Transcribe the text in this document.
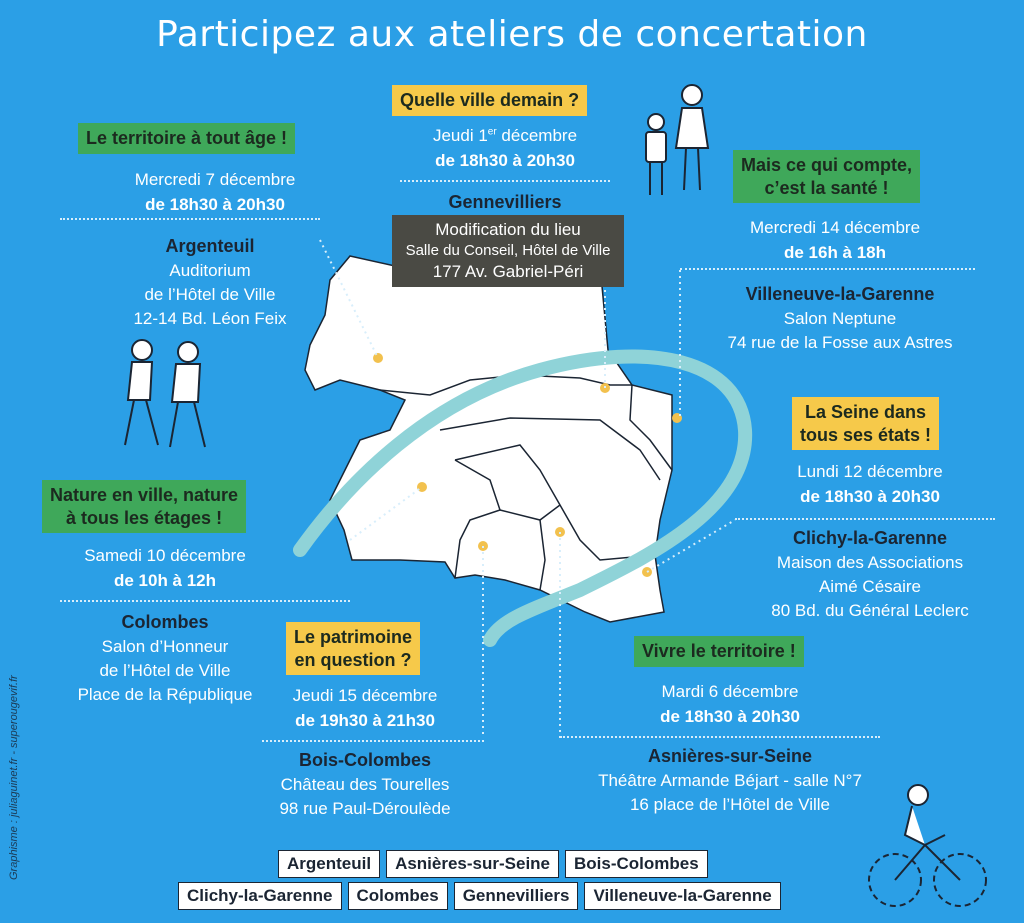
Participez aux ateliers de concertation
Le territoire à tout âge !
Mercredi 7 décembre
de 18h30 à 20h30
Argenteuil
Auditorium
de l’Hôtel de Ville
12-14 Bd. Léon Feix
Quelle ville demain ?
Jeudi 1er décembre
de 18h30 à 20h30
Gennevilliers
Modification du lieu
Salle du Conseil, Hôtel de Ville
177 Av. Gabriel-Péri
Mais ce qui compte,
c’est la santé !
Mercredi 14 décembre
de 16h à 18h
Villeneuve-la-Garenne
Salon Neptune
74 rue de la Fosse aux Astres
La Seine dans
tous ses états !
Lundi 12 décembre
de 18h30 à 20h30
Clichy-la-Garenne
Maison des Associations
Aimé Césaire
80 Bd. du Général Leclerc
Nature en ville, nature
à tous les étages !
Samedi 10 décembre
de 10h à 12h
Colombes
Salon d’Honneur
de l’Hôtel de Ville
Place de la République
Le patrimoine
en question ?
Jeudi 15 décembre
de 19h30 à 21h30
Bois-Colombes
Château des Tourelles
98 rue Paul-Déroulède
Vivre le territoire !
Mardi 6 décembre
de 18h30 à 20h30
Asnières-sur-Seine
Théâtre Armande Béjart - salle N°7
16 place de l’Hôtel de Ville
Argenteuil	Asnières-sur-Seine	Bois-Colombes
Clichy-la-Garenne	Colombes	Gennevilliers	Villeneuve-la-Garenne
Graphisme : juliaguinet.fr - superougevif.fr
